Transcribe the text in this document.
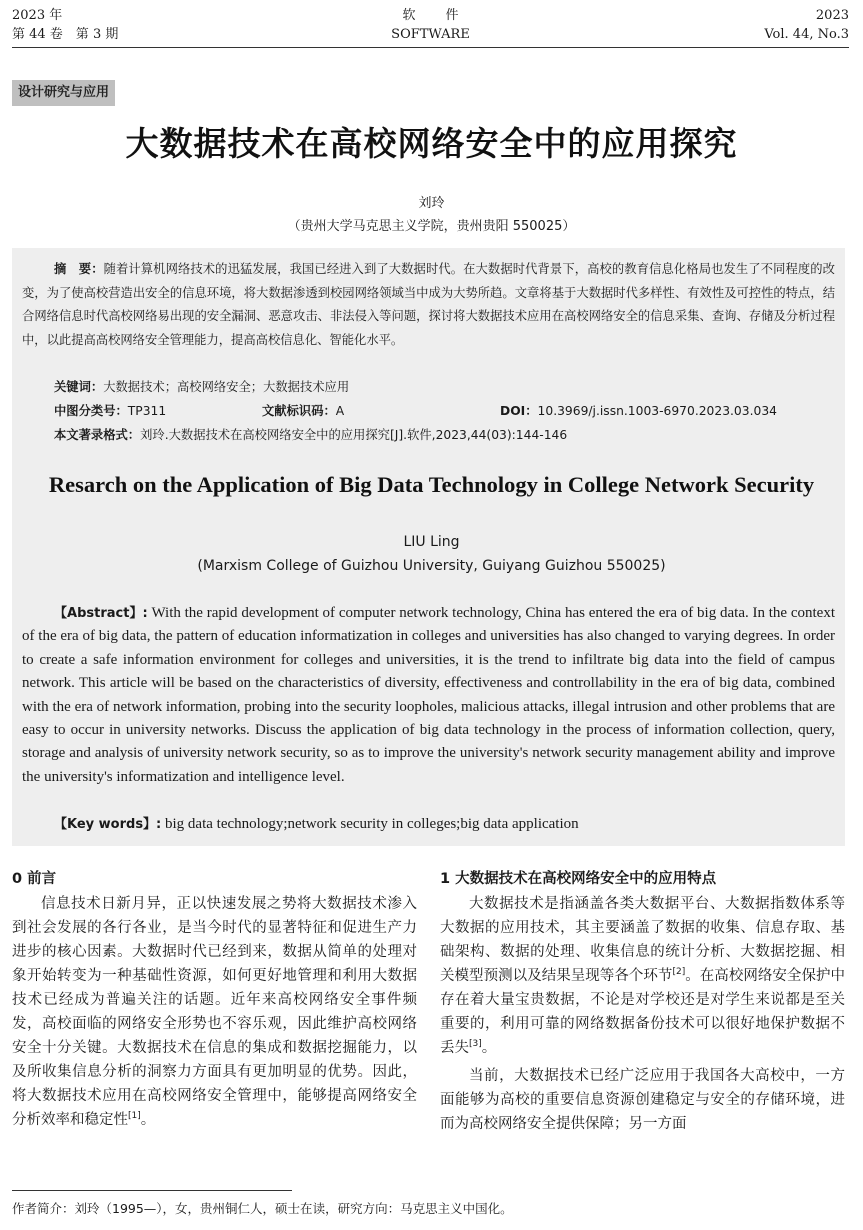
2023 年
第 44 卷　第 3 期
软件
SOFTWARE
2023
Vol. 44, No.3
设计研究与应用
大数据技术在高校网络安全中的应用探究
刘玲
（贵州大学马克思主义学院，贵州贵阳 550025）
摘　要：随着计算机网络技术的迅猛发展，我国已经进入到了大数据时代。在大数据时代背景下，高校的教育信息化格局也发生了不同程度的改变，为了使高校营造出安全的信息环境，将大数据渗透到校园网络领域当中成为大势所趋。文章将基于大数据时代多样性、有效性及可控性的特点，结合网络信息时代高校网络易出现的安全漏洞、恶意攻击、非法侵入等问题，探讨将大数据技术应用在高校网络安全的信息采集、查询、存储及分析过程中，以此提高高校网络安全管理能力，提高高校信息化、智能化水平。
关键词：大数据技术；高校网络安全；大数据技术应用
中图分类号：TP311	文献标识码：A	DOI：10.3969/j.issn.1003-6970.2023.03.034
本文著录格式：刘玲.大数据技术在高校网络安全中的应用探究[J].软件,2023,44(03):144-146
Resarch on the Application of Big Data Technology in College Network Security
LIU Ling
(Marxism College of Guizhou University, Guiyang Guizhou 550025)
【Abstract】: With the rapid development of computer network technology, China has entered the era of big data. In the context of the era of big data, the pattern of education informatization in colleges and universities has also changed to varying degrees. In order to create a safe information environment for colleges and universities, it is the trend to infiltrate big data into the field of campus network. This article will be based on the characteristics of diversity, effectiveness and controllability in the era of big data, combined with the era of network information, probing into the security loopholes, malicious attacks, illegal intrusion and other problems that are easy to occur in university networks. Discuss the application of big data technology in the process of information collection, query, storage and analysis of university network security, so as to improve the university's network security management ability and improve the university's informatization and intelligence level.
【Key words】: big data technology;network security in colleges;big data application
0 前言

信息技术日新月异，正以快速发展之势将大数据技术渗入到社会发展的各行各业，是当今时代的显著特征和促进生产力进步的核心因素。大数据时代已经到来，数据从简单的处理对象开始转变为一种基础性资源，如何更好地管理和利用大数据技术已经成为普遍关注的话题。近年来高校网络安全事件频发，高校面临的网络安全形势也不容乐观，因此维护高校网络安全十分关键。大数据技术在信息的集成和数据挖掘能力，以及所收集信息分析的洞察力方面具有更加明显的优势。因此，将大数据技术应用在高校网络安全管理中，能够提高网络安全分析效率和稳定性[1]。

1 大数据技术在高校网络安全中的应用特点

大数据技术是指涵盖各类大数据平台、大数据指数体系等大数据的应用技术，其主要涵盖了数据的收集、信息存取、基础架构、数据的处理、收集信息的统计分析、大数据挖掘、相关模型预测以及结果呈现等各个环节[2]。在高校网络安全保护中存在着大量宝贵数据，不论是对学校还是对学生来说都是至关重要的，利用可靠的网络数据备份技术可以很好地保护数据不丢失[3]。

当前，大数据技术已经广泛应用于我国各大高校中，一方面能够为高校的重要信息资源创建稳定与安全的存储环境，进而为高校网络安全提供保障；另一方面

作者简介：刘玲（1995—），女，贵州铜仁人，硕士在读，研究方向：马克思主义中国化。
